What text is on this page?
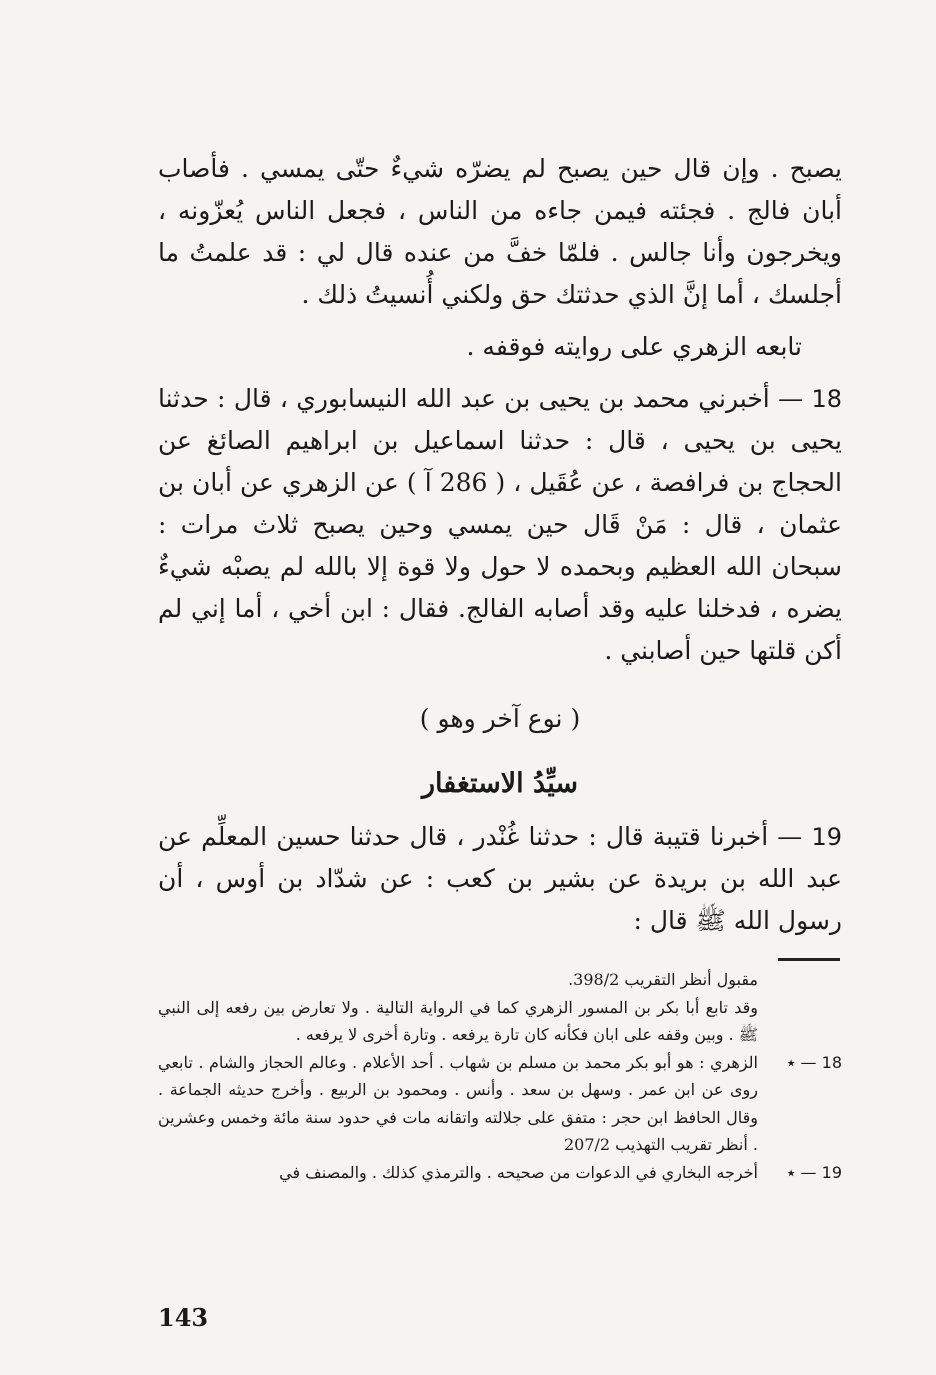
يصبح . وإن قال حين يصبح لم يضرّه شيءٌ حتّى يمسي . فأصاب أبان فالج . فجئته فيمن جاءه من الناس ، فجعل الناس يُعزّونه ، ويخرجون وأنا جالس . فلمّا خفَّ من عنده قال لي : قد علمتُ ما أجلسك ، أما إنَّ الذي حدثتك حق ولكني أُنسيتُ ذلك .

تابعه الزهري على روايته فوقفه .

18 — أخبرني محمد بن يحيى بن عبد الله النيسابوري ، قال : حدثنا يحيى بن يحيى ، قال : حدثنا اسماعيل بن ابراهيم الصائغ عن الحجاج بن فرافصة ، عن عُقَيل ، ( 286 آ ) عن الزهري عن أبان بن عثمان ، قال : مَنْ قَال حين يمسي وحين يصبح ثلاث مرات : سبحان الله العظيم وبحمده لا حول ولا قوة إلا بالله لم يصبْه شيءٌ يضره ، فدخلنا عليه وقد أصابه الفالج. فقال : ابن أخي ، أما إني لم أكن قلتها حين أصابني .

( نوع آخر وهو )
سيِّدُ الاستغفار

19 — أخبرنا قتيبة قال : حدثنا غُنْدر ، قال حدثنا حسين المعلِّم عن عبد الله بن بريدة عن بشير بن كعب : عن شدّاد بن أوس ، أن رسول الله ﷺ قال :

مقبول أنظر التقريب 398/2.
وقد تابع أبا بكر بن المسور الزهري كما في الرواية التالية . ولا تعارض بين رفعه إلى النبي ﷺ . وبين وقفه على ابان فكأنه كان تارة يرفعه . وتارة أخرى لا يرفعه .
18 — ٭
الزهري : هو أبو بكر محمد بن مسلم بن شهاب . أحد الأعلام . وعالم الحجاز والشام . تابعي روى عن ابن عمر . وسهل بن سعد . وأنس . ومحمود بن الربيع . وأخرج حديثه الجماعة . وقال الحافظ ابن حجر : متفق على جلالته واتقانه مات في حدود سنة مائة وخمس وعشرين . أنظر تقريب التهذيب 207/2
19 — ٭
أخرجه البخاري في الدعوات من صحيحه . والترمذي كذلك . والمصنف في
143
